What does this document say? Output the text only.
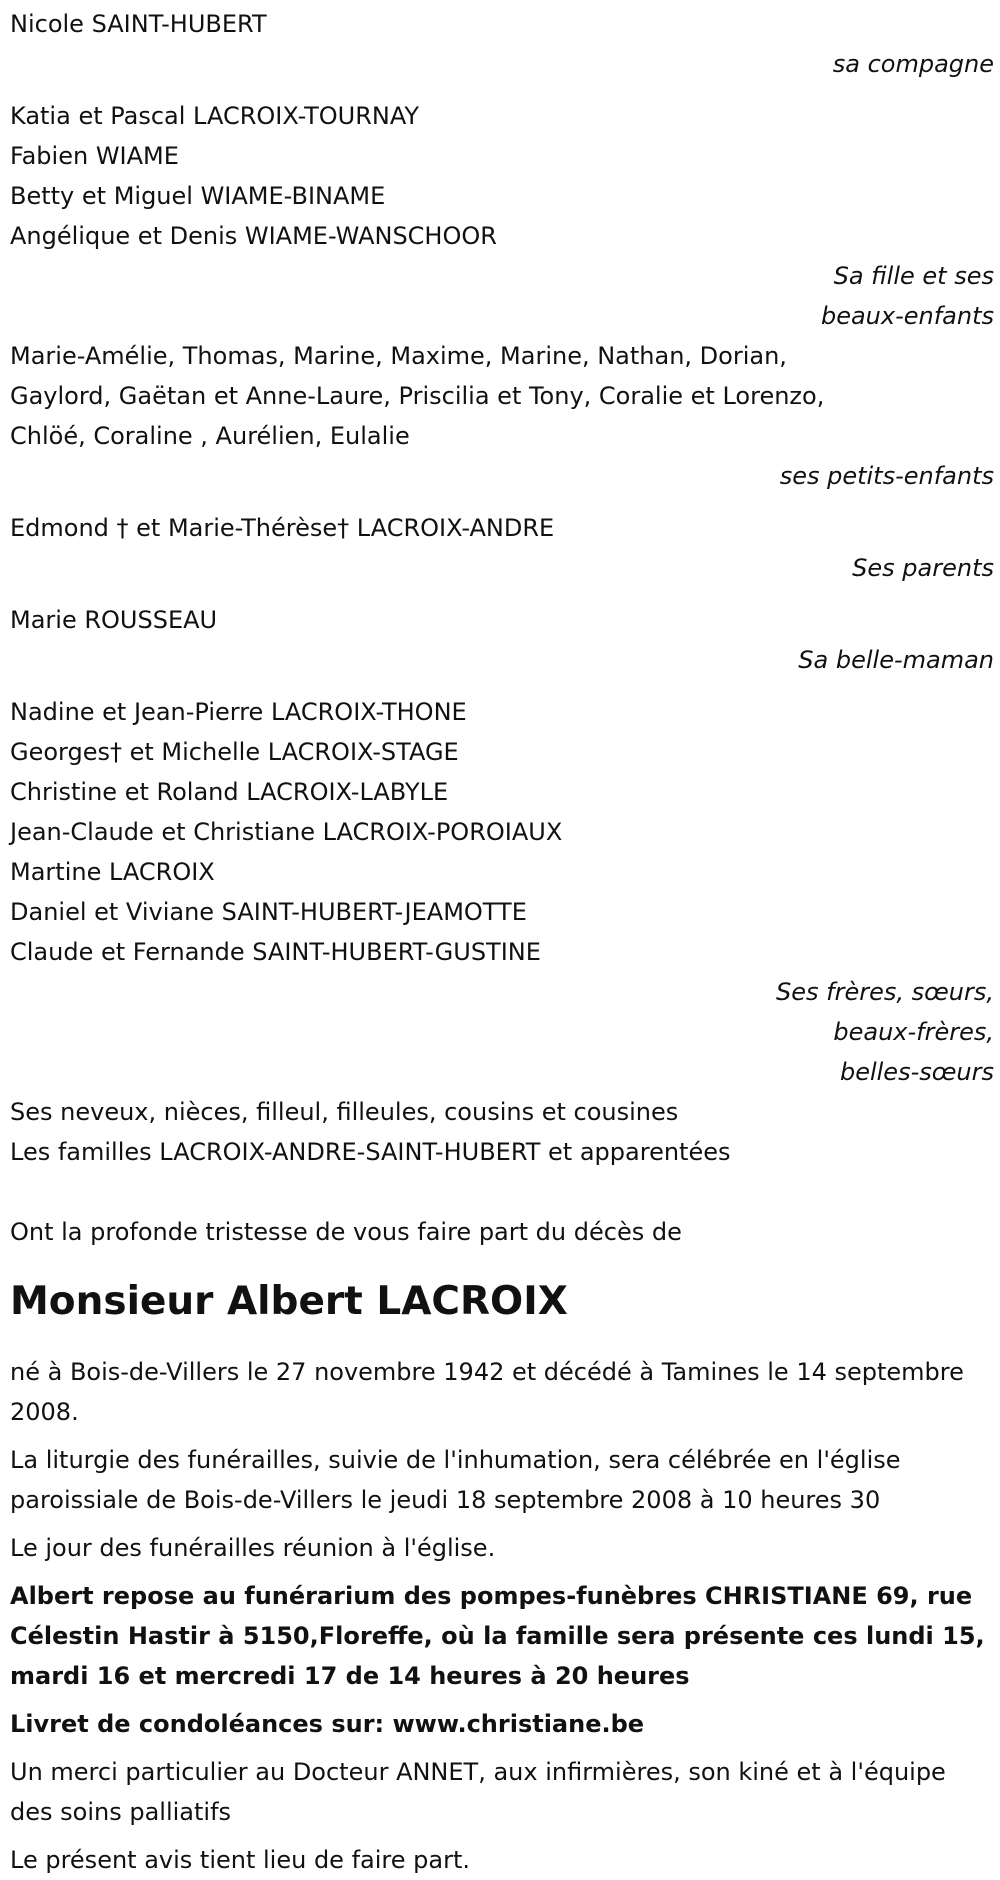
Nicole SAINT-HUBERT
sa compagne
Katia et Pascal LACROIX-TOURNAY
Fabien WIAME
Betty et Miguel WIAME-BINAME
Angélique et Denis WIAME-WANSCHOOR
Sa fille et ses
beaux-enfants
Marie-Amélie, Thomas, Marine, Maxime, Marine, Nathan, Dorian, Gaylord, Gaëtan et Anne-Laure, Priscilia et Tony, Coralie et Lorenzo, Chlöé, Coraline , Aurélien, Eulalie
ses petits-enfants
Edmond † et Marie-Thérèse† LACROIX-ANDRE
Ses parents
Marie ROUSSEAU
Sa belle-maman
Nadine et Jean-Pierre LACROIX-THONE
Georges† et Michelle LACROIX-STAGE
Christine et Roland LACROIX-LABYLE
Jean-Claude et Christiane LACROIX-POROIAUX
Martine LACROIX
Daniel et Viviane SAINT-HUBERT-JEAMOTTE
Claude et Fernande SAINT-HUBERT-GUSTINE
Ses frères, sœurs,
beaux-frères,
belles-sœurs
Ses neveux, nièces, filleul, filleules, cousins et cousines
Les familles LACROIX-ANDRE-SAINT-HUBERT et apparentées
Ont la profonde tristesse de vous faire part du décès de
Monsieur Albert LACROIX

né à Bois-de-Villers le 27 novembre 1942 et décédé à Tamines le 14 septembre 2008.

La liturgie des funérailles, suivie de l'inhumation, sera célébrée en l'église paroissiale de Bois-de-Villers le jeudi 18 septembre 2008 à 10 heures 30

Le jour des funérailles réunion à l'église.

Albert repose au funérarium des pompes-funèbres CHRISTIANE 69, rue Célestin Hastir à 5150,Floreffe, où la famille sera présente ces lundi 15, mardi 16 et mercredi 17 de 14 heures à 20 heures

Livret de condoléances sur: www.christiane.be

Un merci particulier au Docteur ANNET, aux infirmières, son kiné et à l'équipe des soins palliatifs

Le présent avis tient lieu de faire part.
